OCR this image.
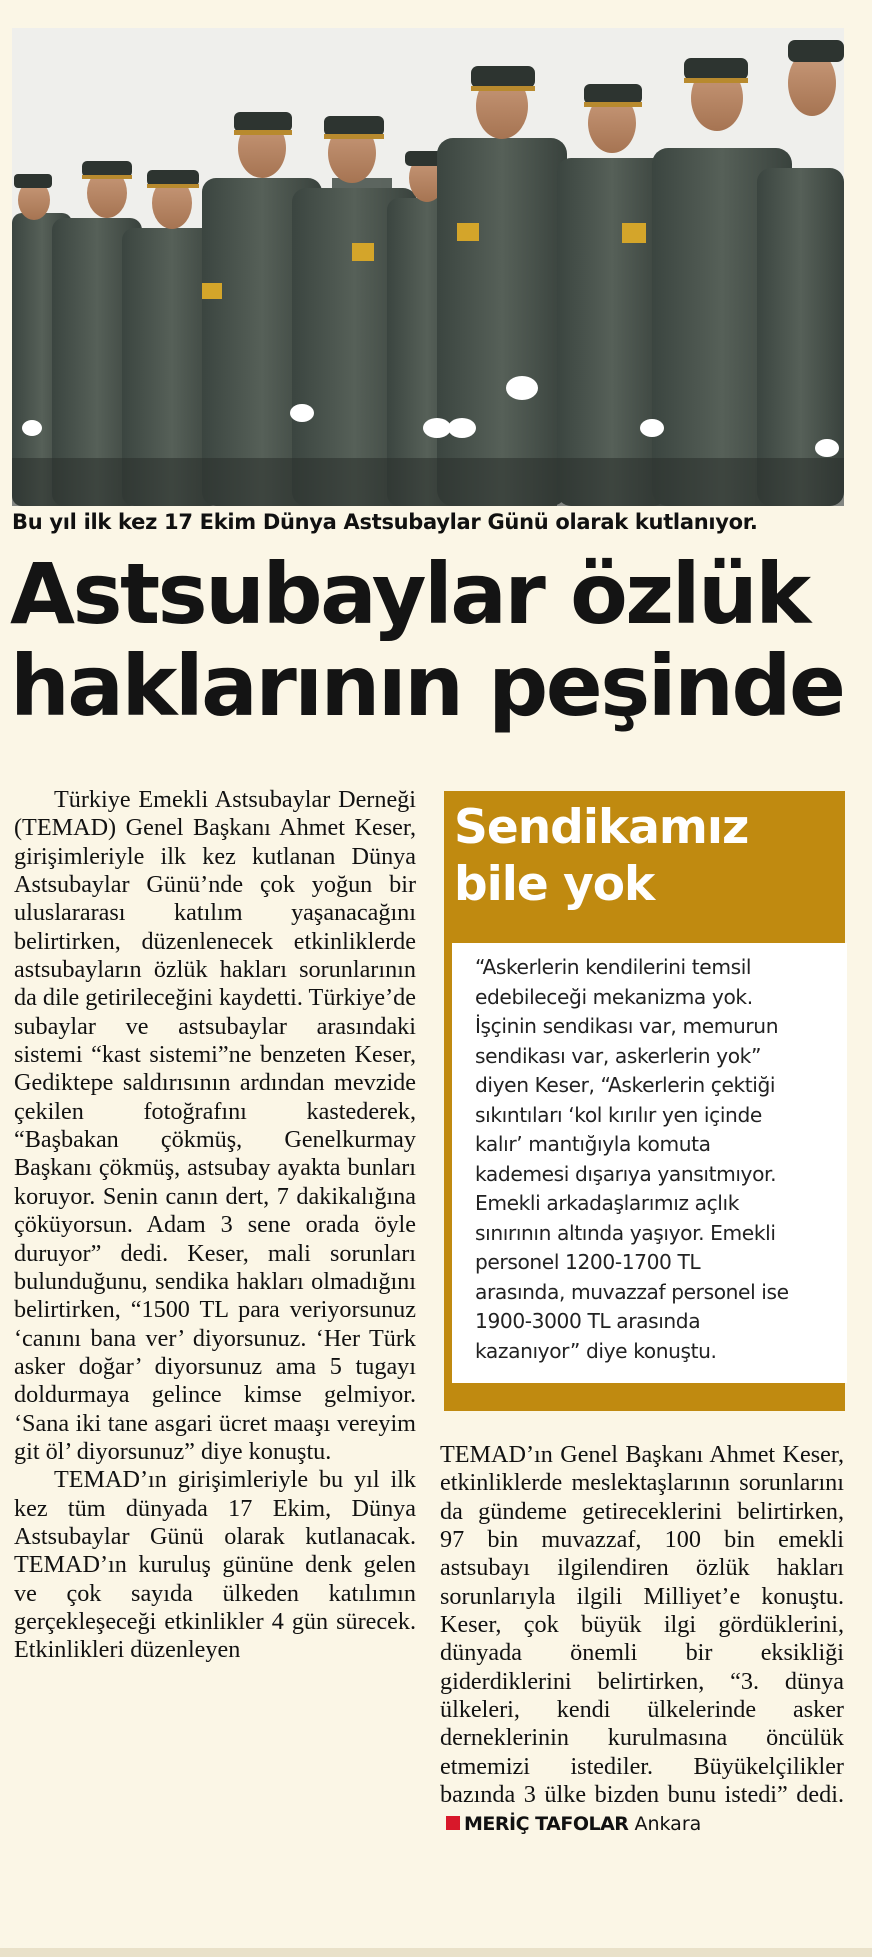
Bu yıl ilk kez 17 Ekim Dünya Astsubaylar Günü olarak kutlanıyor.
Astsubaylar özlük
haklarının peşinde

Türkiye Emekli Astsubaylar Derneği (TEMAD) Genel Başkanı Ahmet Keser, girişimleriyle ilk kez kutlanan Dünya Astsubaylar Günü’nde çok yoğun bir uluslararası katılım yaşanacağını belirtirken, düzenlenecek etkinliklerde astsubayların özlük hakları sorunlarının da dile getirileceğini kaydetti. Türkiye’de subaylar ve astsubaylar arasındaki sistemi “kast sistemi”ne benzeten Keser, Gediktepe saldırısının ardından mevzide çekilen fotoğrafını kastederek, “Başbakan çökmüş, Genelkurmay Başkanı çökmüş, astsubay ayakta bunları koruyor. Senin canın dert, 7 dakikalığına çöküyorsun. Adam 3 sene orada öyle duruyor” dedi. Keser, mali sorunları bulunduğunu, sendika hakları olmadığını belirtirken, “1500 TL para veriyorsunuz ‘canını bana ver’ diyorsunuz. ‘Her Türk asker doğar’ diyorsunuz ama 5 tugayı doldurmaya gelince kimse gelmiyor. ‘Sana iki tane asgari ücret maaşı vereyim git öl’ diyorsunuz” diye konuştu.

TEMAD’ın girişimleriyle bu yıl ilk kez tüm dünyada 17 Ekim, Dünya Astsubaylar Günü olarak kutlanacak. TEMAD’ın kuruluş gününe denk gelen ve çok sayıda ülkeden katılımın gerçekleşeceği etkinlikler 4 gün sürecek. Etkinlikleri düzenleyen

Sendikamız
bile yok
“Askerlerin kendilerini temsil
edebileceği mekanizma yok.
İşçinin sendikası var, memurun
sendikası var, askerlerin yok”
diyen Keser, “Askerlerin çektiği
sıkıntıları ‘kol kırılır yen içinde
kalır’ mantığıyla komuta
kademesi dışarıya yansıtmıyor.
Emekli arkadaşlarımız açlık
sınırının altında yaşıyor. Emekli
personel 1200-1700 TL
arasında, muvazzaf personel ise
1900-3000 TL arasında
kazanıyor” diye konuştu.

TEMAD’ın Genel Başkanı Ahmet Keser, etkinliklerde meslektaşlarının sorunlarını da gündeme getireceklerini belirtirken, 97 bin muvazzaf, 100 bin emekli astsubayı ilgilendiren özlük hakları sorunlarıyla ilgili Milliyet’e konuştu. Keser, çok büyük ilgi gördüklerini, dünyada önemli bir eksikliği giderdiklerini belirtirken, “3. dünya ülkeleri, kendi ülkelerinde asker derneklerinin kurulmasına öncülük etmemizi istediler. Büyükelçilikler bazında 3 ülke bizden bunu istedi” dedi.MERİÇ TAFOLAR Ankara
